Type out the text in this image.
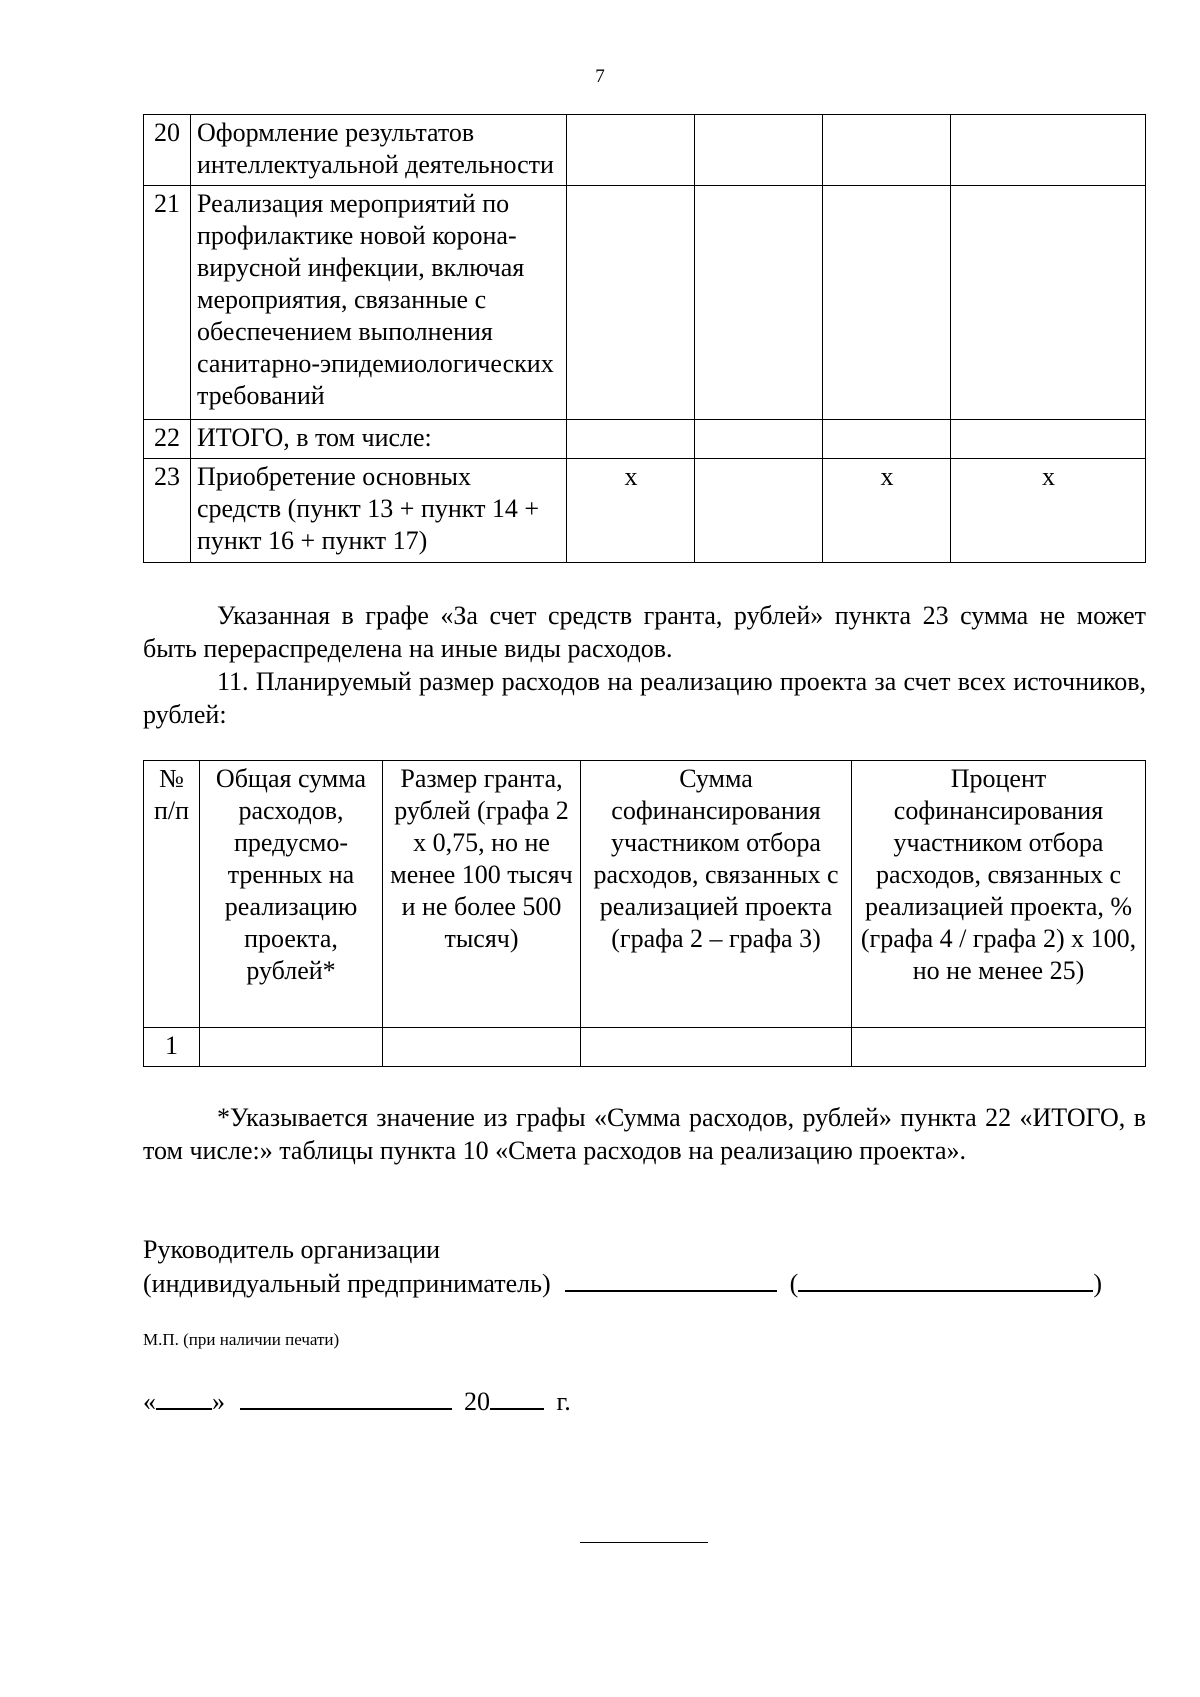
7
20	Оформление результатов интеллектуальной деятельности				
21	Реализация мероприятий по профилактике новой корона-вирусной инфекции, включая мероприятия, связанные с обеспечением выполнения санитарно-эпидемиологических требований				
22	ИТОГО, в том числе:				
23	Приобретение основных средств (пункт 13 + пункт 14 + пункт 16 + пункт 17)	х		х	х
Указанная в графе «За счет средств гранта, рублей» пункта 23 сумма не может быть перераспределена на иные виды расходов.
11. Планируемый размер расходов на реализацию проекта за счет всех источников, рублей:
№ п/п	Общая сумма расходов, предусмо-тренных на реализацию проекта, рублей*	Размер гранта, рублей (графа 2 х 0,75, но не менее 100 тысяч и не более 500 тысяч)	Сумма софинансирования участником отбора расходов, связанных с реализацией проекта (графа 2 – графа 3)	Процент софинансирования участником отбора расходов, связанных с реализацией проекта, % (графа 4 / графа 2) х 100, но не менее 25)
1				
*Указывается значение из графы «Сумма расходов, рублей» пункта 22 «ИТОГО, в том числе:» таблицы пункта 10 «Смета расходов на реализацию проекта».
Руководитель организации
(индивидуальный предприниматель)	(	)
М.П. (при наличии печати)
« »	20	г.
